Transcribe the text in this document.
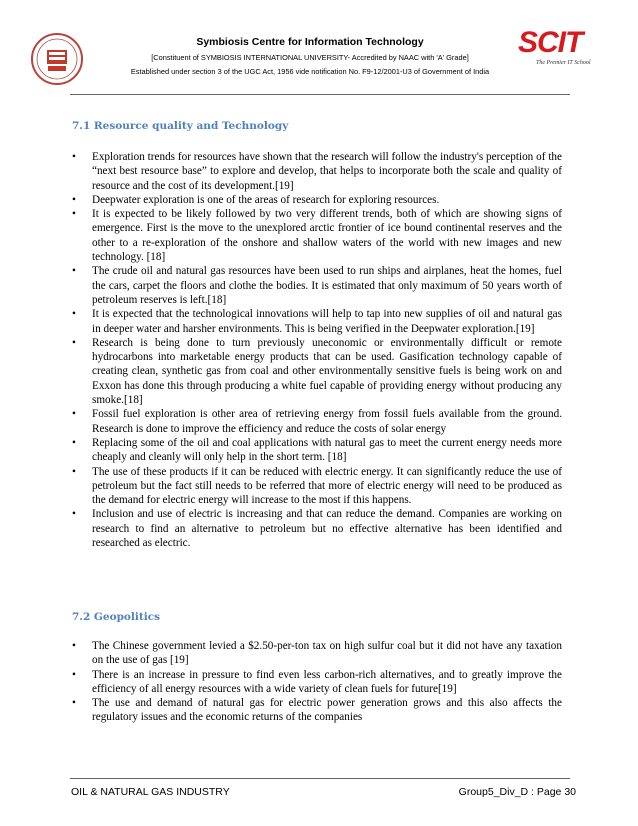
Symbiosis Centre for Information Technology
[Constituent of SYMBIOSIS INTERNATIONAL UNIVERSITY- Accredited by NAAC with 'A' Grade]
Established under section 3 of the UGC Act, 1956 vide notification No. F9-12/2001-U3 of Government of India
SCIT
The Premier IT School
7.1 Resource quality and Technology
• Exploration trends for resources have shown that the research will follow the industry's perception of the “next best resource base” to explore and develop, that helps to incorporate both the scale and quality of resource and the cost of its development.[19]
• Deepwater exploration is one of the areas of research for exploring resources.
• It is expected to be likely followed by two very different trends, both of which are showing signs of emergence. First is the move to the unexplored arctic frontier of ice bound continental reserves and the other to a re-exploration of the onshore and shallow waters of the world with new images and new technology. [18]
• The crude oil and natural gas resources have been used to run ships and airplanes, heat the homes, fuel the cars, carpet the floors and clothe the bodies. It is estimated that only maximum of 50 years worth of petroleum reserves is left.[18]
• It is expected that the technological innovations will help to tap into new supplies of oil and natural gas in deeper water and harsher environments. This is being verified in the Deepwater exploration.[19]
• Research is being done to turn previously uneconomic or environmentally difficult or remote hydrocarbons into marketable energy products that can be used. Gasification technology capable of creating clean, synthetic gas from coal and other environmentally sensitive fuels is being work on and Exxon has done this through producing a white fuel capable of providing energy without producing any smoke.[18]
• Fossil fuel exploration is other area of retrieving energy from fossil fuels available from the ground. Research is done to improve the efficiency and reduce the costs of solar energy
• Replacing some of the oil and coal applications with natural gas to meet the current energy needs more cheaply and cleanly will only help in the short term. [18]
• The use of these products if it can be reduced with electric energy. It can significantly reduce the use of petroleum but the fact still needs to be referred that more of electric energy will need to be produced as the demand for electric energy will increase to the most if this happens.
• Inclusion and use of electric is increasing and that can reduce the demand. Companies are working on research to find an alternative to petroleum but no effective alternative has been identified and researched as electric.
7.2 Geopolitics
• The Chinese government levied a $2.50-per-ton tax on high sulfur coal but it did not have any taxation on the use of gas [19]
• There is an increase in pressure to find even less carbon-rich alternatives, and to greatly improve the efficiency of all energy resources with a wide variety of clean fuels for future[19]
• The use and demand of natural gas for electric power generation grows and this also affects the regulatory issues and the economic returns of the companies
OIL & NATURAL GAS INDUSTRY	Group5_Div_D : Page 30
